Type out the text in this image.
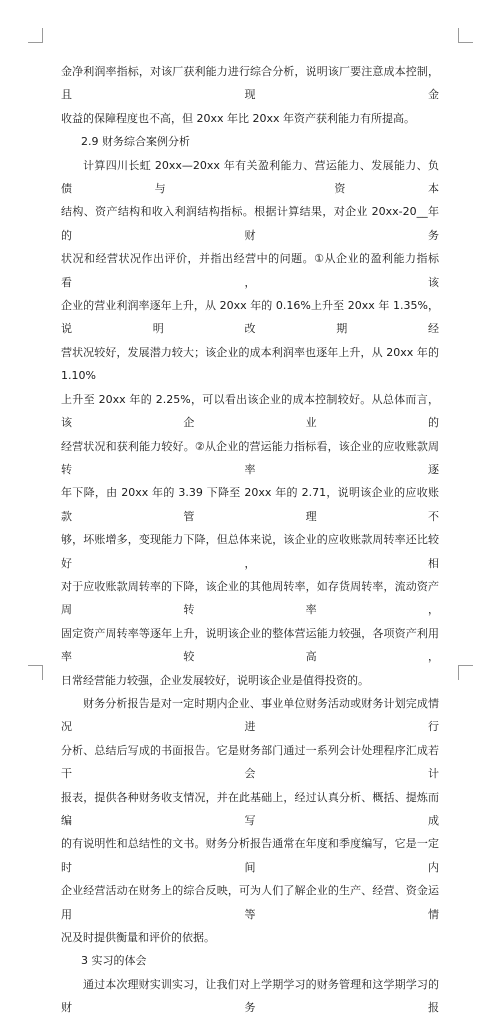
金净利润率指标，对该厂获利能力进行综合分析，说明该厂要注意成本控制，且现金

收益的保障程度也不高，但 20xx 年比 20xx 年资产获利能力有所提高。

2.9 财务综合案例分析

计算四川长虹 20xx—20xx 年有关盈利能力、营运能力、发展能力、负债与 资本

结构、资产结构和收入利润结构指标。根据计算结果，对企业 20xx-20__年的财务

状况和经营状况作出评价，并指出经营中的问题。①从企业的盈利能力指标看，该

企业的营业利润率逐年上升，从 20xx 年的 0.16%上升至 20xx 年 1.35%，说明改期经

营状况较好，发展潜力较大；该企业的成本利润率也逐年上升，从 20xx 年的 1.10%

上升至 20xx 年的 2.25%，可以看出该企业的成本控制较好。从总体而言，该企业的

经营状况和获利能力较好。②从企业的营运能力指标看，该企业的应收账款周转率逐

年下降，由 20xx 年的 3.39 下降至 20xx 年的 2.71，说明该企业的应收账款管理不

够，坏账增多，变现能力下降，但总体来说，该企业的应收账款周转率还比较好，相

对于应收账款周转率的下降，该企业的其他周转率，如存货周转率，流动资产周转率，

固定资产周转率等逐年上升，说明该企业的整体营运能力较强，各项资产利用率较高，

日常经营能力较强，企业发展较好，说明该企业是值得投资的。

财务分析报告是对一定时期内企业、事业单位财务活动或财务计划完成情况进行

分析、总结后写成的书面报告。它是财务部门通过一系列会计处理程序汇成若干会计

报表，提供各种财务收支情况，并在此基础上，经过认真分析、概括、提炼而编写成

的有说明性和总结性的文书。财务分析报告通常在年度和季度编写，它是一定时间内

企业经营活动在财务上的综合反映，可为人们了解企业的生产、经营、资金运用等情

况及时提供衡量和评价的依据。

3 实习的体会

通过本次理财实训实习，让我们对上学期学习的财务管理和这学期学习的财务报
